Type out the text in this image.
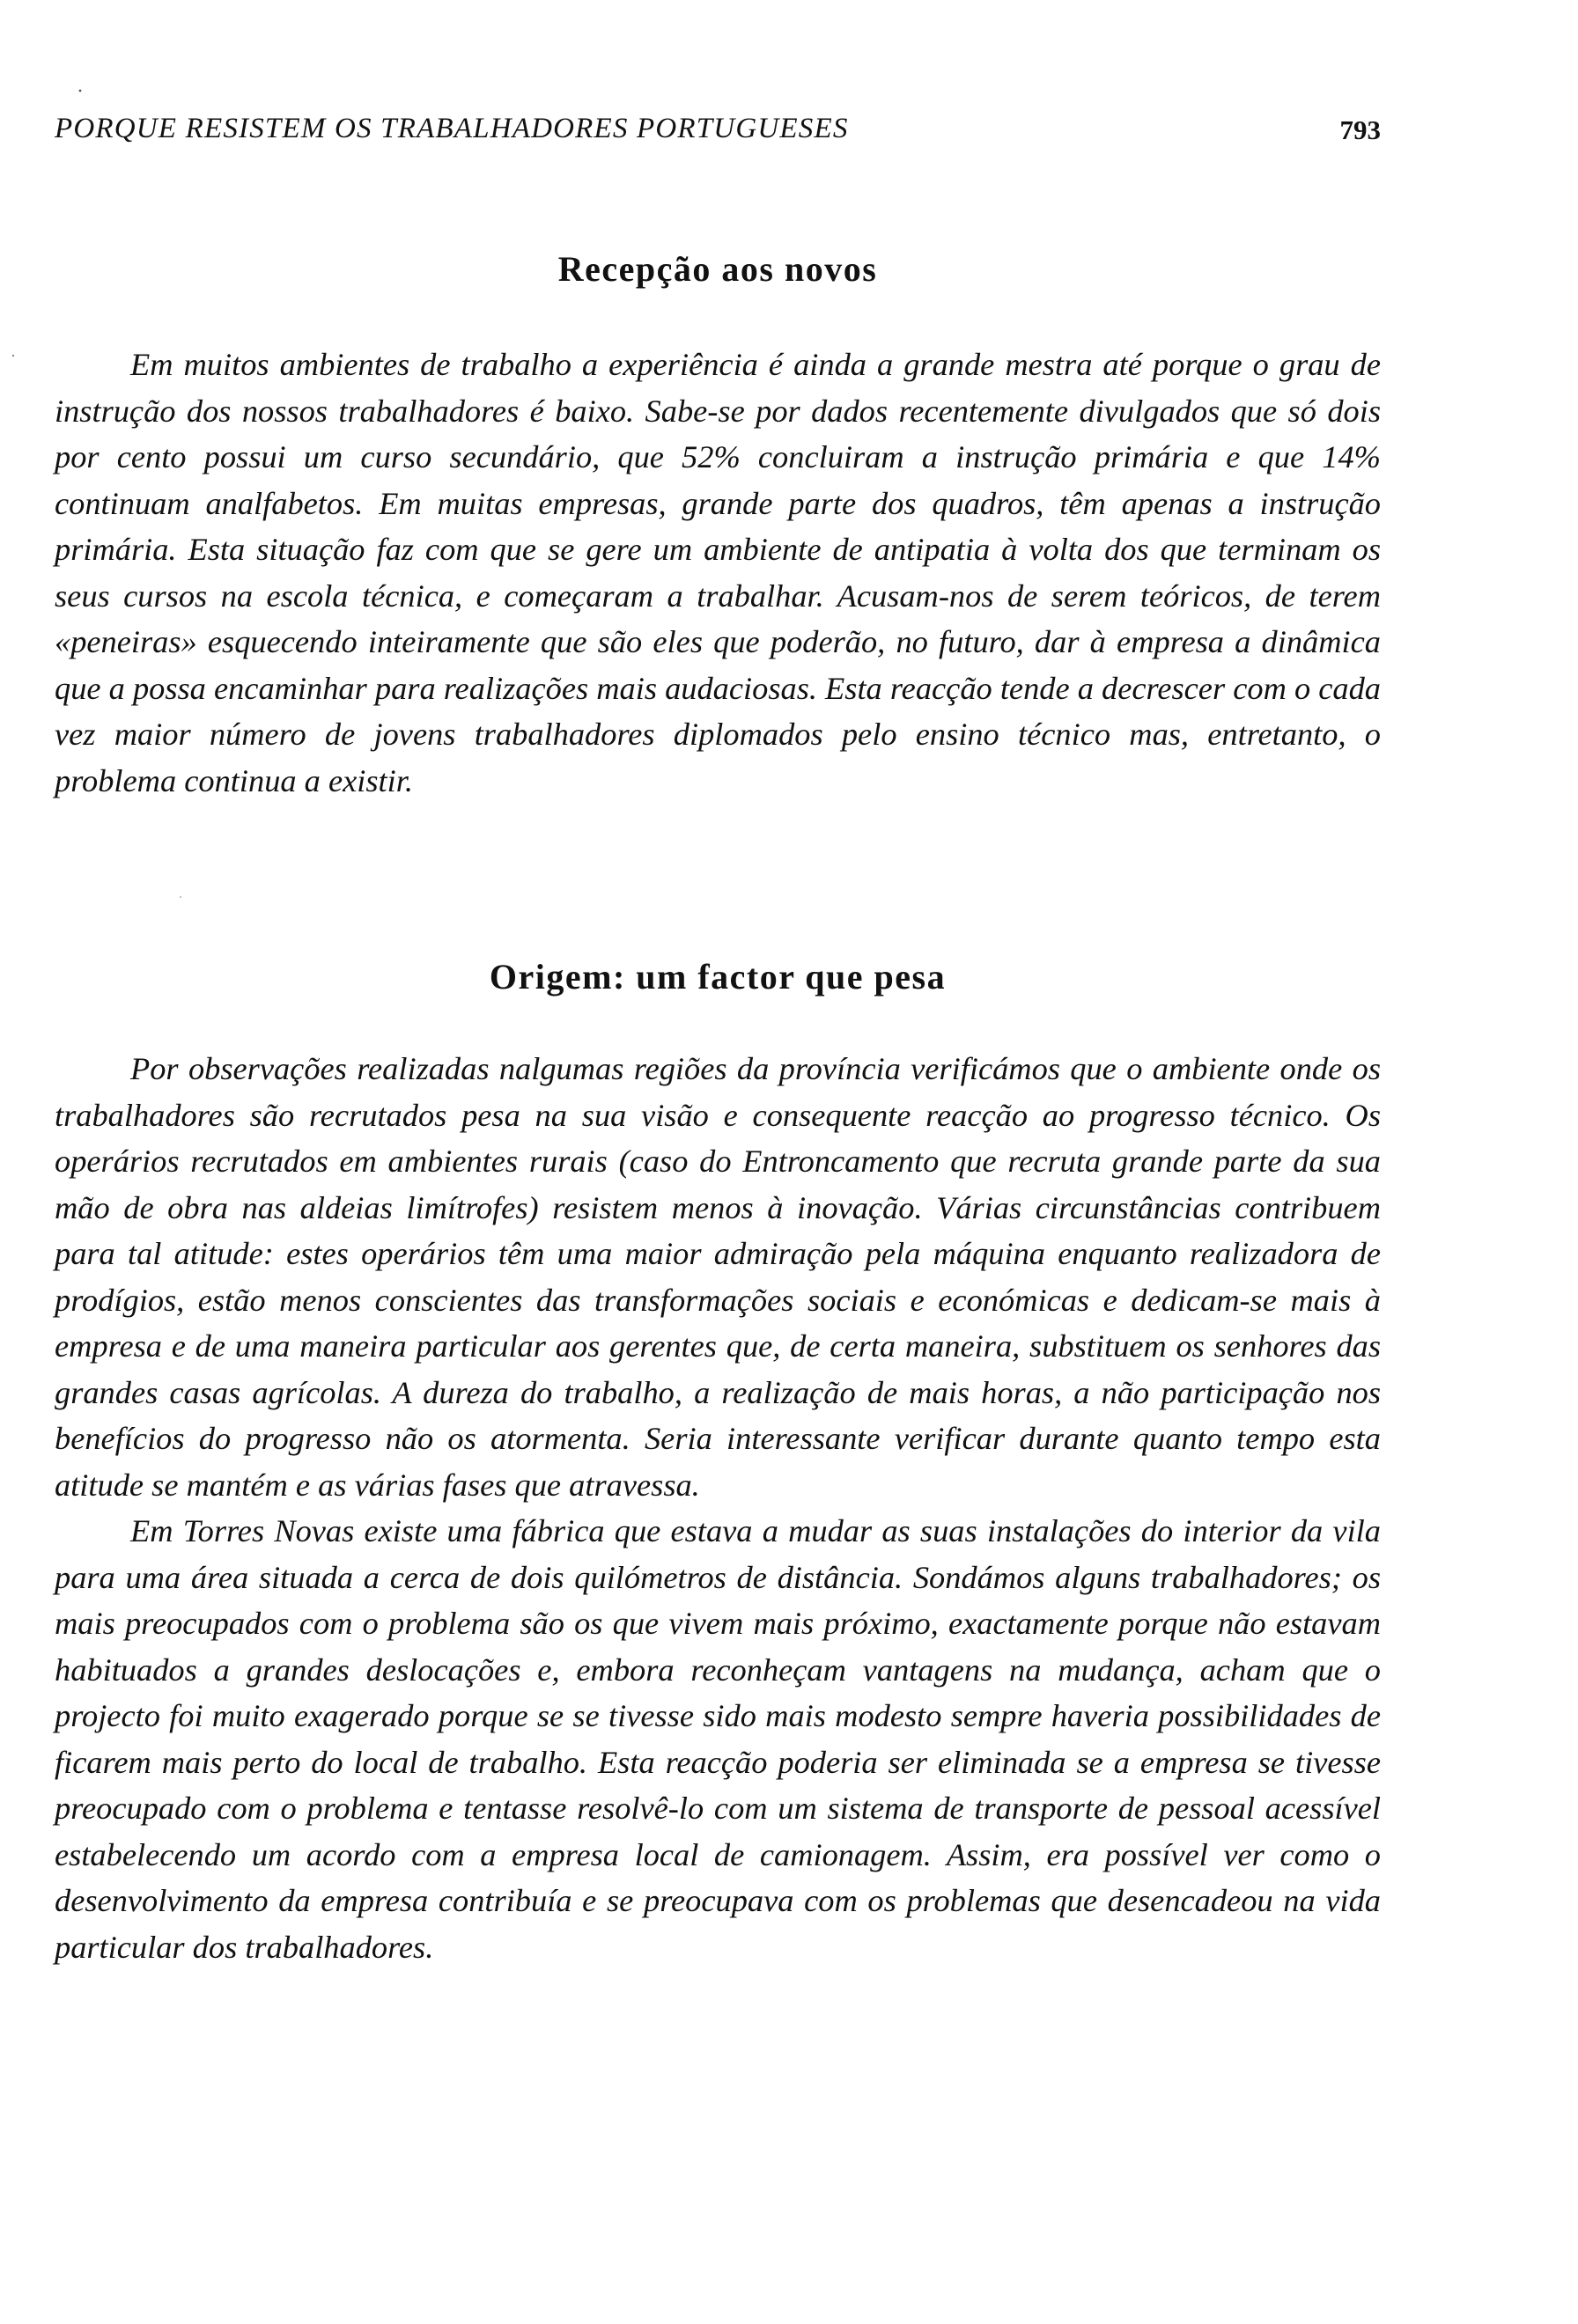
PORQUE RESISTEM OS TRABALHADORES PORTUGUESES	793
Recepção aos novos

Em muitos ambientes de trabalho a experiência é ainda a grande mestra até porque o grau de instrução dos nossos trabalhadores é baixo. Sabe-se por dados recentemente divulgados que só dois por cento possui um curso secundário, que 52% concluiram a instrução primária e que 14% continuam analfabetos. Em muitas empresas, grande parte dos quadros, têm apenas a instrução primária. Esta situação faz com que se gere um ambiente de antipatia à volta dos que terminam os seus cursos na escola técnica, e começaram a trabalhar. Acusam-nos de serem teóricos, de terem «peneiras» esquecendo inteiramente que são eles que poderão, no futuro, dar à empresa a dinâmica que a possa encaminhar para realizações mais audaciosas. Esta reacção tende a decrescer com o cada vez maior número de jovens trabalhadores diplomados pelo ensino técnico mas, entretanto, o problema continua a existir.

Origem: um factor que pesa

Por observações realizadas nalgumas regiões da província verificámos que o ambiente onde os trabalhadores são recrutados pesa na sua visão e consequente reacção ao progresso técnico. Os operários recrutados em ambientes rurais (caso do Entroncamento que recruta grande parte da sua mão de obra nas aldeias limítrofes) resistem menos à inovação. Várias circunstâncias contribuem para tal atitude: estes operários têm uma maior admiração pela máquina enquanto realizadora de prodígios, estão menos conscientes das transformações sociais e económicas e dedicam-se mais à empresa e de uma maneira particular aos gerentes que, de certa maneira, substituem os senhores das grandes casas agrícolas. A dureza do trabalho, a realização de mais horas, a não participação nos benefícios do progresso não os atormenta. Seria interessante verificar durante quanto tempo esta atitude se mantém e as várias fases que atravessa.

Em Torres Novas existe uma fábrica que estava a mudar as suas instalações do interior da vila para uma área situada a cerca de dois quilómetros de distância. Sondámos alguns trabalhadores; os mais preocupados com o problema são os que vivem mais próximo, exactamente porque não estavam habituados a grandes deslocações e, embora reconheçam vantagens na mudança, acham que o projecto foi muito exagerado porque se se tivesse sido mais modesto sempre haveria possibilidades de ficarem mais perto do local de trabalho. Esta reacção poderia ser eliminada se a empresa se tivesse preocupado com o problema e tentasse resolvê-lo com um sistema de transporte de pessoal acessível estabelecendo um acordo com a empresa local de camionagem. Assim, era possível ver como o desenvolvimento da empresa contribuía e se preocupava com os problemas que desencadeou na vida particular dos trabalhadores.
